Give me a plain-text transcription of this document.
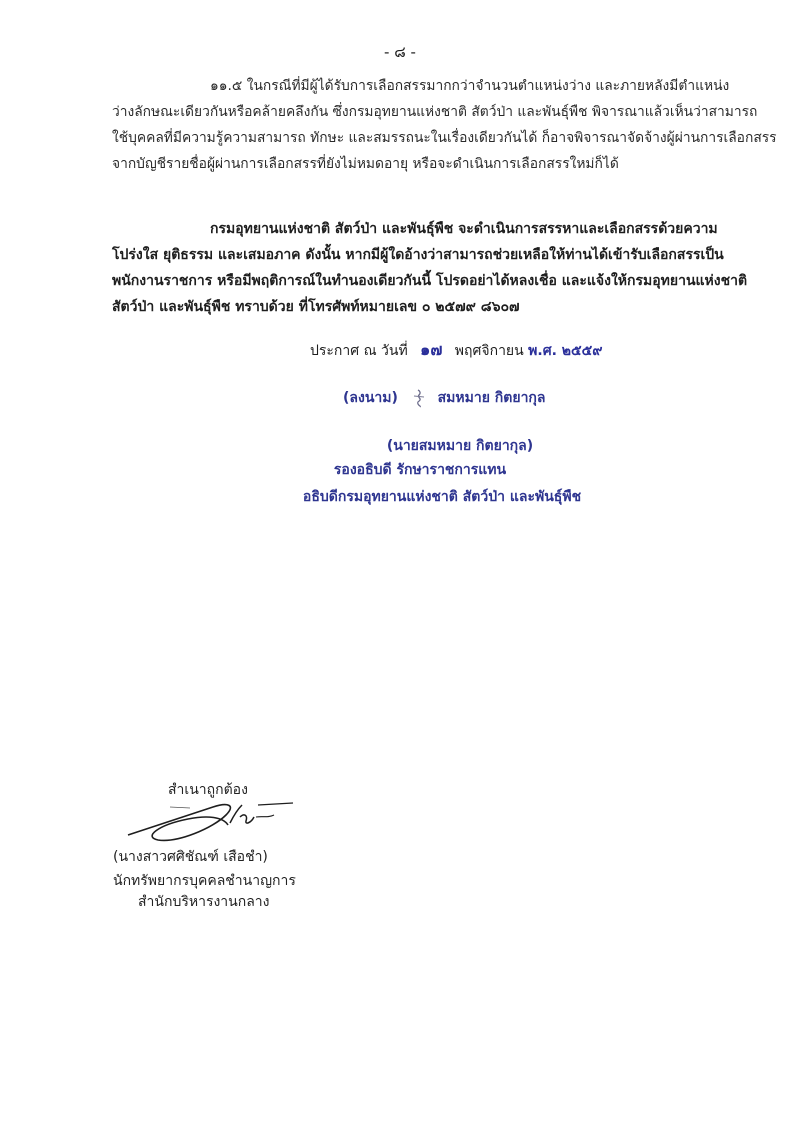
- ๘ -
๑๑.๕ ในกรณีที่มีผู้ได้รับการเลือกสรรมากกว่าจำนวนตำแหน่งว่าง และภายหลังมีตำแหน่ง
ว่างลักษณะเดียวกันหรือคล้ายคลึงกัน ซึ่งกรมอุทยานแห่งชาติ สัตว์ป่า และพันธุ์พืช พิจารณาแล้วเห็นว่าสามารถ
ใช้บุคคลที่มีความรู้ความสามารถ ทักษะ และสมรรถนะในเรื่องเดียวกันได้ ก็อาจพิจารณาจัดจ้างผู้ผ่านการเลือกสรร
จากบัญชีรายชื่อผู้ผ่านการเลือกสรรที่ยังไม่หมดอายุ หรือจะดำเนินการเลือกสรรใหม่ก็ได้
กรมอุทยานแห่งชาติ สัตว์ป่า และพันธุ์พืช จะดำเนินการสรรหาและเลือกสรรด้วยความ
โปร่งใส ยุติธรรม และเสมอภาค ดังนั้น หากมีผู้ใดอ้างว่าสามารถช่วยเหลือให้ท่านได้เข้ารับเลือกสรรเป็น
พนักงานราชการ หรือมีพฤติการณ์ในทำนองเดียวกันนี้ โปรดอย่าได้หลงเชื่อ และแจ้งให้กรมอุทยานแห่งชาติ
สัตว์ป่า และพันธุ์พืช ทราบด้วย ที่โทรศัพท์หมายเลข ๐ ๒๕๗๙ ๘๖๐๗
ประกาศ ณ วันที่ ๑๗ พฤศจิกายน พ.ศ. ๒๕๕๙
(ลงนาม)	สมหมาย กิตยากุล
(นายสมหมาย กิตยากุล)
รองอธิบดี รักษาราชการแทน
อธิบดีกรมอุทยานแห่งชาติ สัตว์ป่า และพันธุ์พืช
สำเนาถูกต้อง
(นางสาวศศิชัณฑ์ เสือชำ)
นักทรัพยากรบุคคลชำนาญการ
สำนักบริหารงานกลาง
